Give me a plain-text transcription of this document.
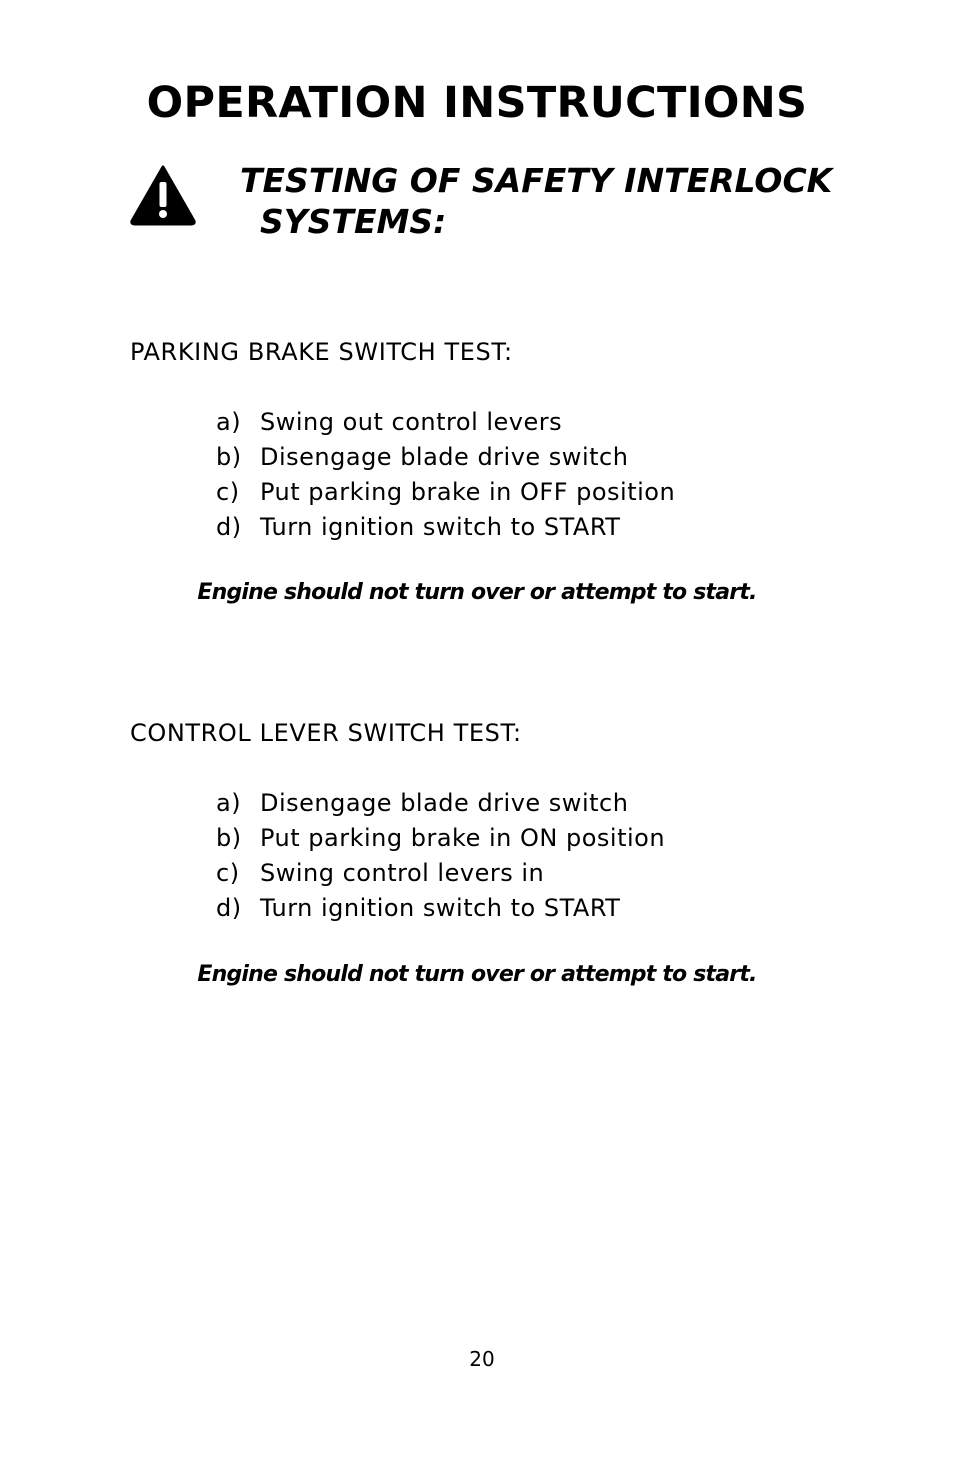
OPERATION INSTRUCTIONS
TESTING OF SAFETY INTERLOCK
SYSTEMS:

PARKING BRAKE SWITCH TEST:

a) Swing out control levers
b) Disengage blade drive switch
c) Put parking brake in OFF position
d) Turn ignition switch to START

Engine should not turn over or attempt to start.

CONTROL LEVER SWITCH TEST:

a) Disengage blade drive switch
b) Put parking brake in ON position
c) Swing control levers in
d) Turn ignition switch to START

Engine should not turn over or attempt to start.

20
